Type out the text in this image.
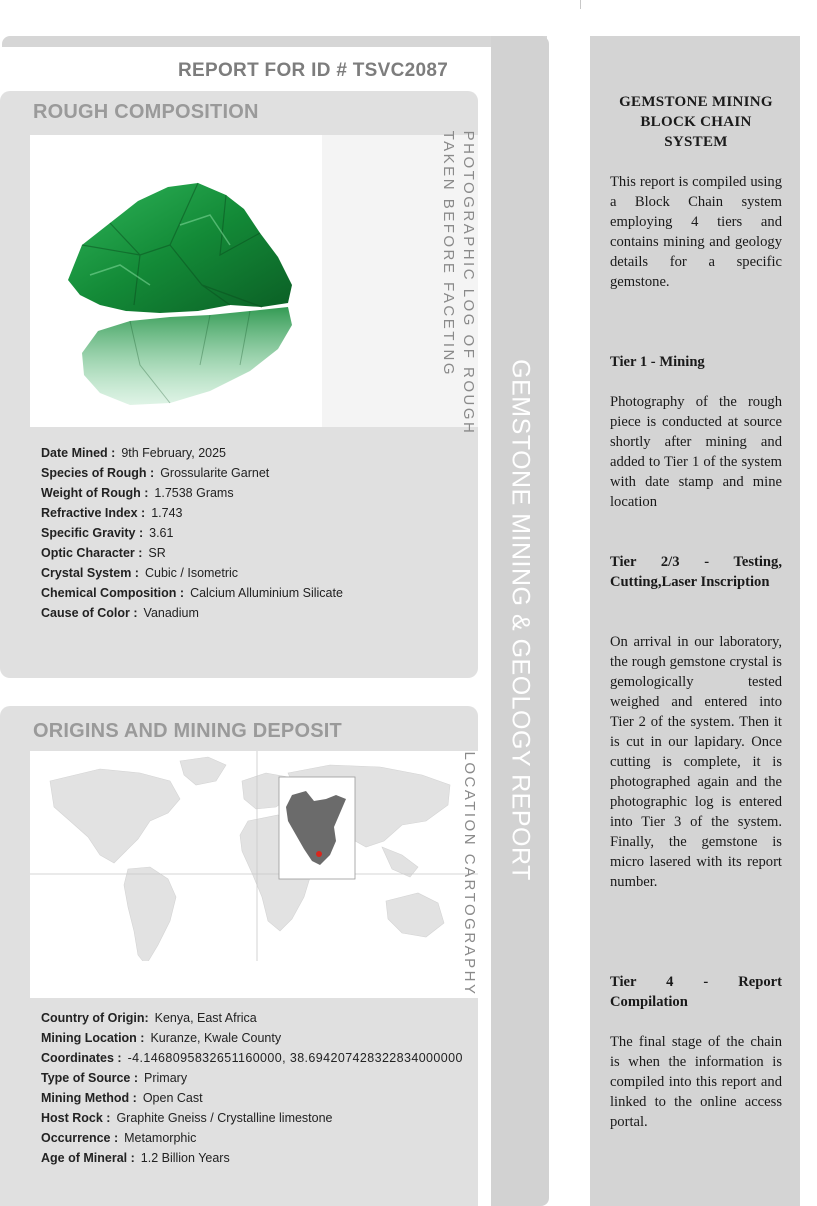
GEMSTONE MINING & GEOLOGY REPORT
REPORT FOR ID # TSVC2087
ROUGH COMPOSITION
PHOTOGRAPHIC LOG OF ROUGH
TAKEN BEFORE FACETING
Date Mined : 9th February, 2025
Species of Rough : Grossularite Garnet
Weight of Rough : 1.7538 Grams
Refractive Index : 1.743
Specific Gravity : 3.61
Optic Character : SR
Crystal System : Cubic / Isometric
Chemical Composition : Calcium Alluminium Silicate
Cause of Color : Vanadium
ORIGINS AND MINING DEPOSIT
LOCATION CARTOGRAPHY
Country of Origin: Kenya, East Africa
Mining Location : Kuranze, Kwale County
Coordinates : -4.1468095832651160000, 38.694207428322834000000
Type of Source : Primary
Mining Method : Open Cast
Host Rock : Graphite Gneiss / Crystalline limestone
Occurrence : Metamorphic
Age of Mineral : 1.2 Billion Years
GEMSTONE MINING BLOCK CHAIN SYSTEM
This report is compiled using a Block Chain system employing 4 tiers and contains mining and geology details for a specific gemstone.
Tier 1 - Mining
Photography of the rough piece is conducted at source shortly after mining and added to Tier 1 of the system with date stamp and mine location
Tier 2/3 - Testing, Cutting,Laser Inscription
On arrival in our laboratory, the rough gemstone crystal is gemologically tested weighed and entered into Tier 2 of the system. Then it is cut in our lapidary. Once cutting is complete, it is photographed again and the photographic log is entered into Tier 3 of the system. Finally, the gemstone is micro lasered with its report number.
Tier 4 - Report Compilation
The final stage of the chain is when the information is compiled into this report and linked to the online access portal.
